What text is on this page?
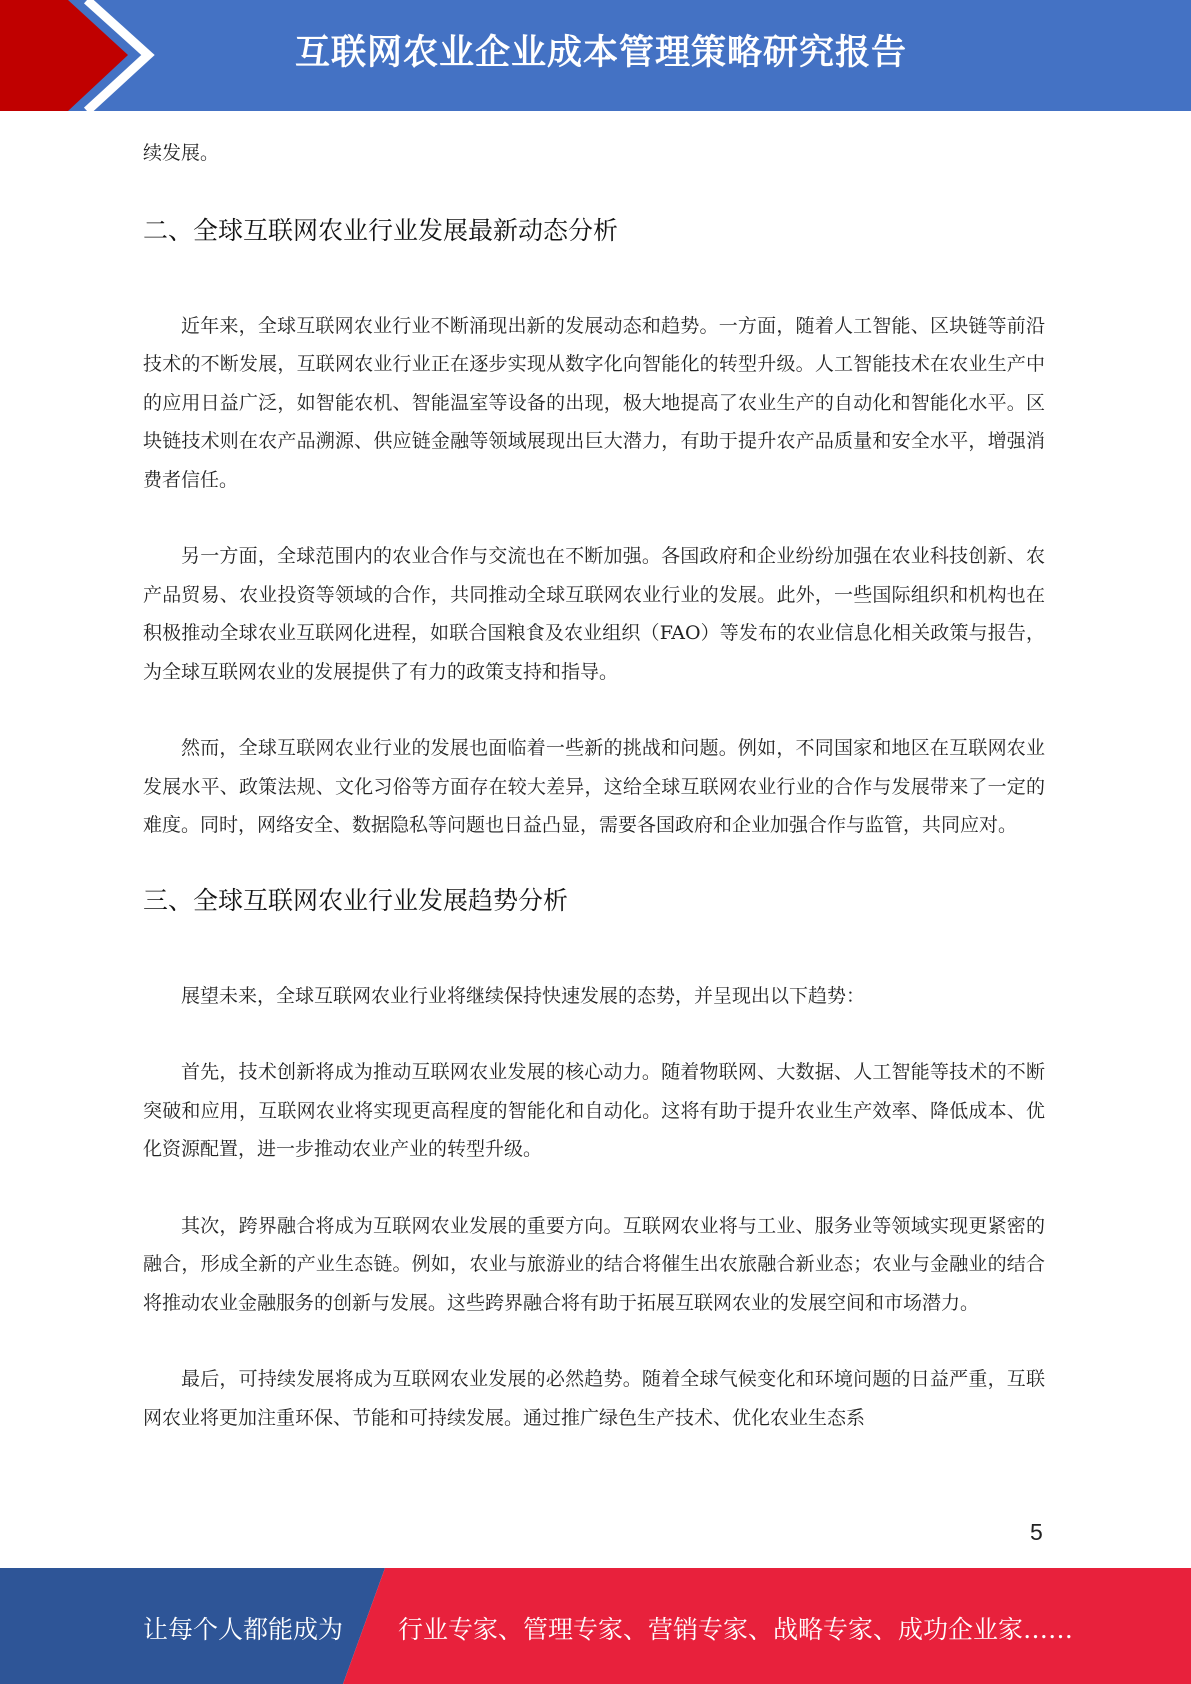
互联网农业企业成本管理策略研究报告

续发展。

二、全球互联网农业行业发展最新动态分析

近年来，全球互联网农业行业不断涌现出新的发展动态和趋势。一方面，随着人工智能、区块链等前沿技术的不断发展，互联网农业行业正在逐步实现从数字化向智能化的转型升级。人工智能技术在农业生产中的应用日益广泛，如智能农机、智能温室等设备的出现，极大地提高了农业生产的自动化和智能化水平。区块链技术则在农产品溯源、供应链金融等领域展现出巨大潜力，有助于提升农产品质量和安全水平，增强消费者信任。

另一方面，全球范围内的农业合作与交流也在不断加强。各国政府和企业纷纷加强在农业科技创新、农产品贸易、农业投资等领域的合作，共同推动全球互联网农业行业的发展。此外，一些国际组织和机构也在积极推动全球农业互联网化进程，如联合国粮食及农业组织（FAO）等发布的农业信息化相关政策与报告，为全球互联网农业的发展提供了有力的政策支持和指导。

然而，全球互联网农业行业的发展也面临着一些新的挑战和问题。例如，不同国家和地区在互联网农业发展水平、政策法规、文化习俗等方面存在较大差异，这给全球互联网农业行业的合作与发展带来了一定的难度。同时，网络安全、数据隐私等问题也日益凸显，需要各国政府和企业加强合作与监管，共同应对。

三、全球互联网农业行业发展趋势分析

展望未来，全球互联网农业行业将继续保持快速发展的态势，并呈现出以下趋势：

首先，技术创新将成为推动互联网农业发展的核心动力。随着物联网、大数据、人工智能等技术的不断突破和应用，互联网农业将实现更高程度的智能化和自动化。这将有助于提升农业生产效率、降低成本、优化资源配置，进一步推动农业产业的转型升级。

其次，跨界融合将成为互联网农业发展的重要方向。互联网农业将与工业、服务业等领域实现更紧密的融合，形成全新的产业生态链。例如，农业与旅游业的结合将催生出农旅融合新业态；农业与金融业的结合将推动农业金融服务的创新与发展。这些跨界融合将有助于拓展互联网农业的发展空间和市场潜力。

最后，可持续发展将成为互联网农业发展的必然趋势。随着全球气候变化和环境问题的日益严重，互联网农业将更加注重环保、节能和可持续发展。通过推广绿色生产技术、优化农业生态系

5
让每个人都能成为 行业专家、管理专家、营销专家、战略专家、成功企业家……
